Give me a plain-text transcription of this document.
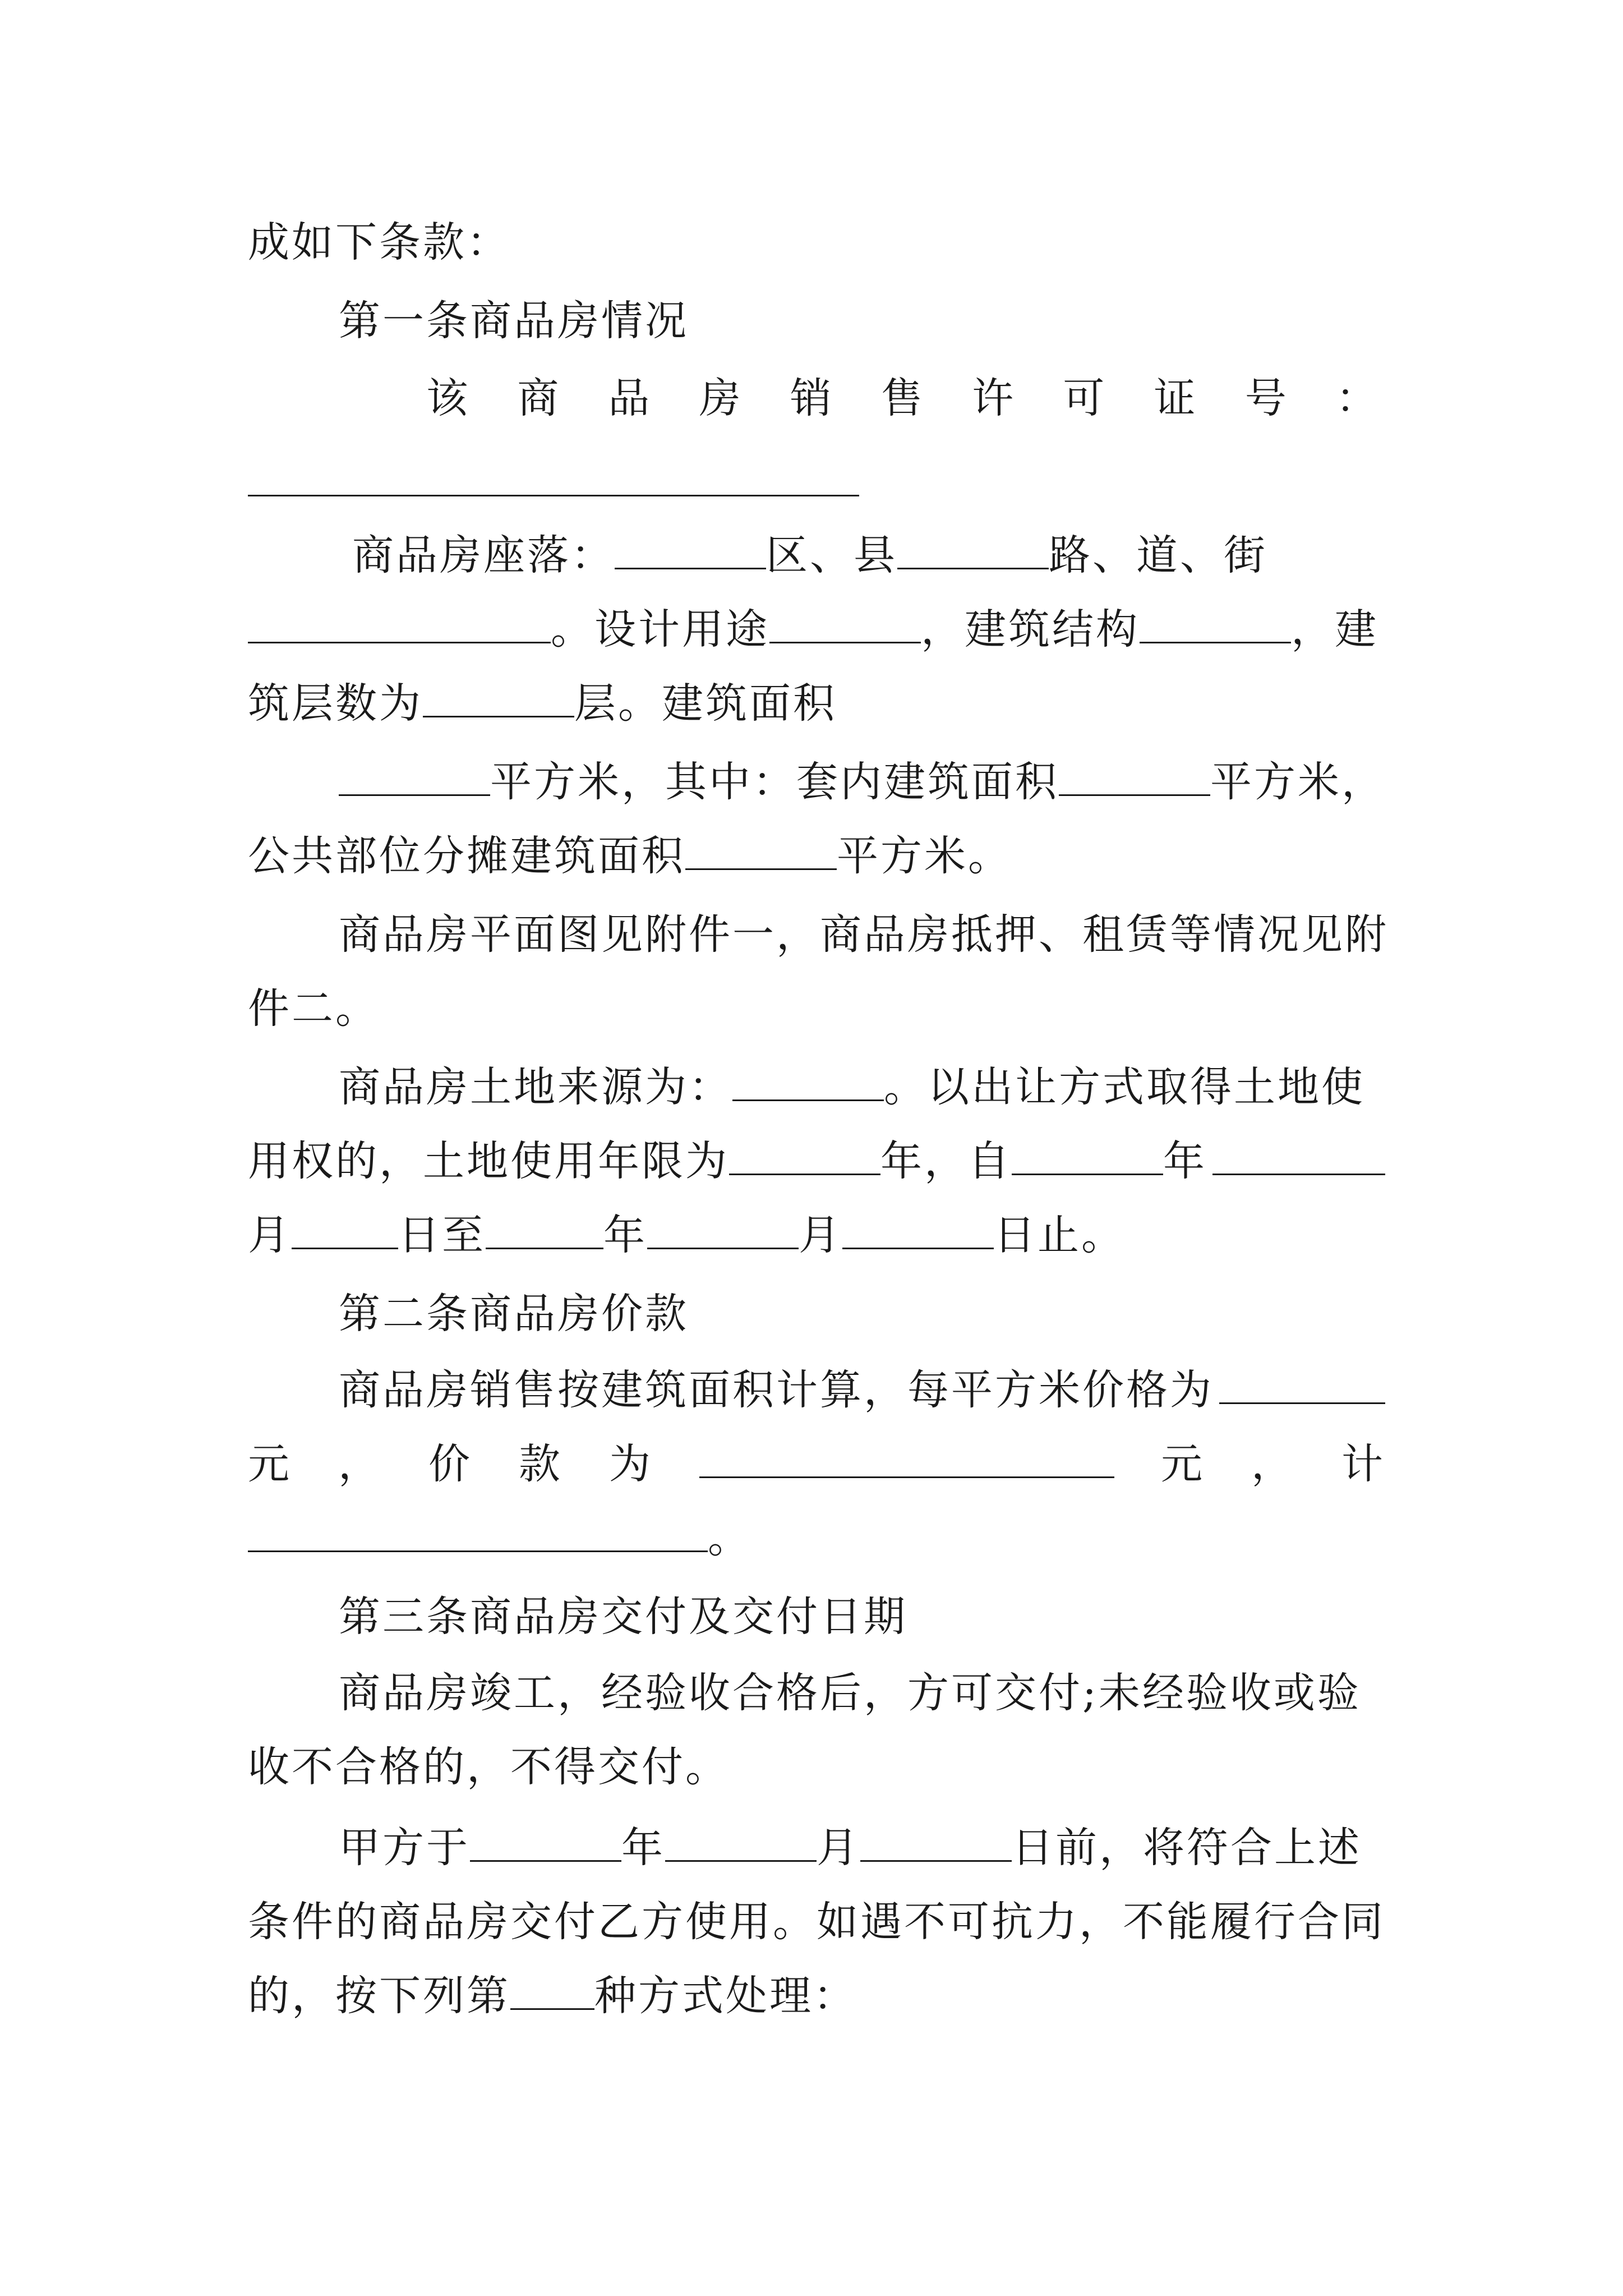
成如下条款：
第一条商品房情况
该 商 品 房 销 售 许 可 证 号 ：
商品房座落：	区、县	路、道、街
。设计用途	，建筑结构	，建
筑层数为	层。建筑面积
平方米，其中：套内建筑面积	平方米，
公共部位分摊建筑面积	平方米。
商品房平面图见附件一，商品房抵押、租赁等情况见附
件二。
商品房土地来源为：	。以出让方式取得土地使
用权的，土地使用年限为	年，自	年
月	日至	年	月	日止。
第二条商品房价款
商品房销售按建筑面积计算，每平方米价格为
元 ， 价 款 为	元 ， 计
。
第三条商品房交付及交付日期
商品房竣工，经验收合格后，方可交付;未经验收或验
收不合格的，不得交付。
甲方于	年	月	日前，将符合上述
条件的商品房交付乙方使用。如遇不可抗力，不能履行合同
的，按下列第 种方式处理：
